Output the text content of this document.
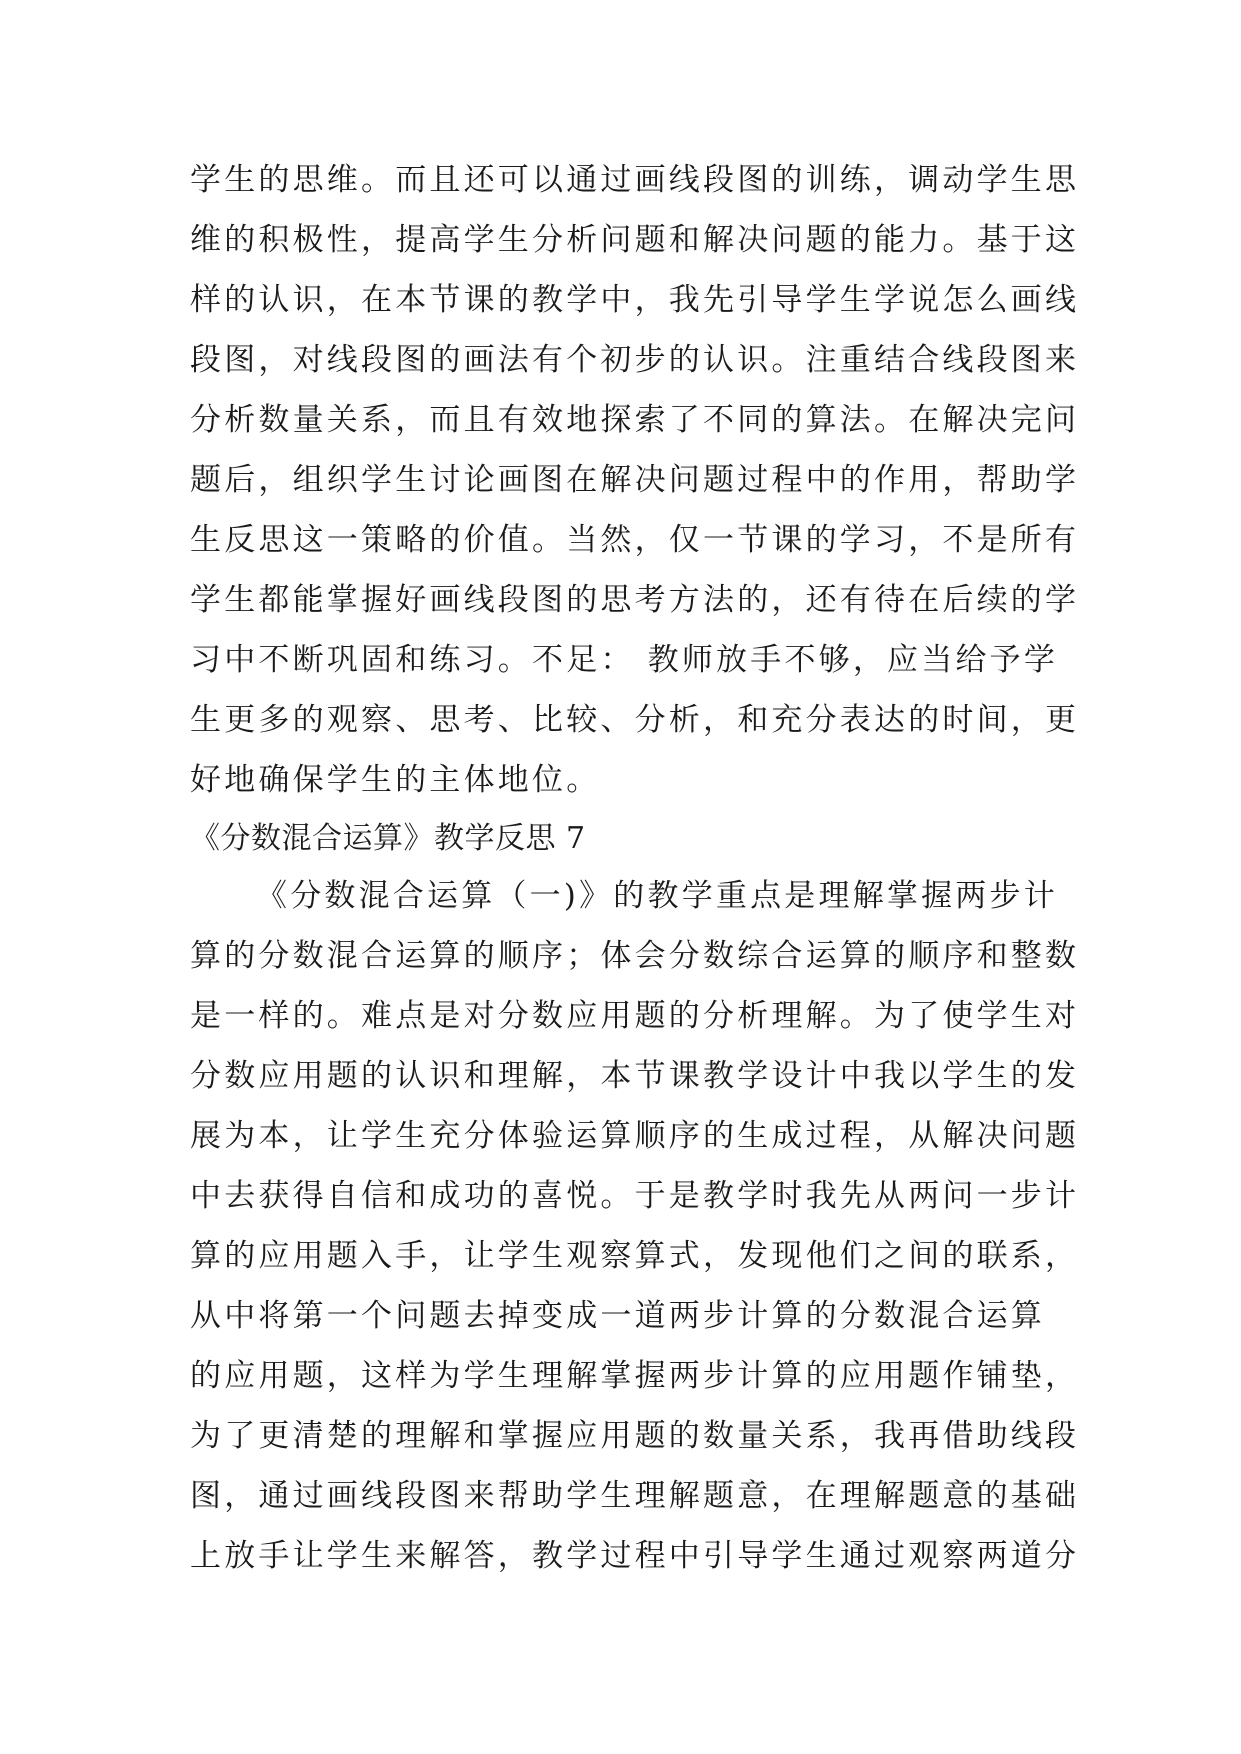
学生的思维。而且还可以通过画线段图的训练，调动学生思
维的积极性，提高学生分析问题和解决问题的能力。基于这
样的认识，在本节课的教学中，我先引导学生学说怎么画线
段图，对线段图的画法有个初步的认识。注重结合线段图来
分析数量关系，而且有效地探索了不同的算法。在解决完问
题后，组织学生讨论画图在解决问题过程中的作用，帮助学
生反思这一策略的价值。当然，仅一节课的学习，不是所有
学生都能掌握好画线段图的思考方法的，还有待在后续的学
习中不断巩固和练习。不足： 教师放手不够，应当给予学
生更多的观察、思考、比较、分析，和充分表达的时间，更
好地确保学生的主体地位。
《分数混合运算》教学反思 7
《分数混合运算（一)》的教学重点是理解掌握两步计
算的分数混合运算的顺序；体会分数综合运算的顺序和整数
是一样的。难点是对分数应用题的分析理解。为了使学生对
分数应用题的认识和理解，本节课教学设计中我以学生的发
展为本，让学生充分体验运算顺序的生成过程，从解决问题
中去获得自信和成功的喜悦。于是教学时我先从两问一步计
算的应用题入手，让学生观察算式，发现他们之间的联系，
从中将第一个问题去掉变成一道两步计算的分数混合运算
的应用题，这样为学生理解掌握两步计算的应用题作铺垫，
为了更清楚的理解和掌握应用题的数量关系，我再借助线段
图，通过画线段图来帮助学生理解题意，在理解题意的基础
上放手让学生来解答，教学过程中引导学生通过观察两道分
